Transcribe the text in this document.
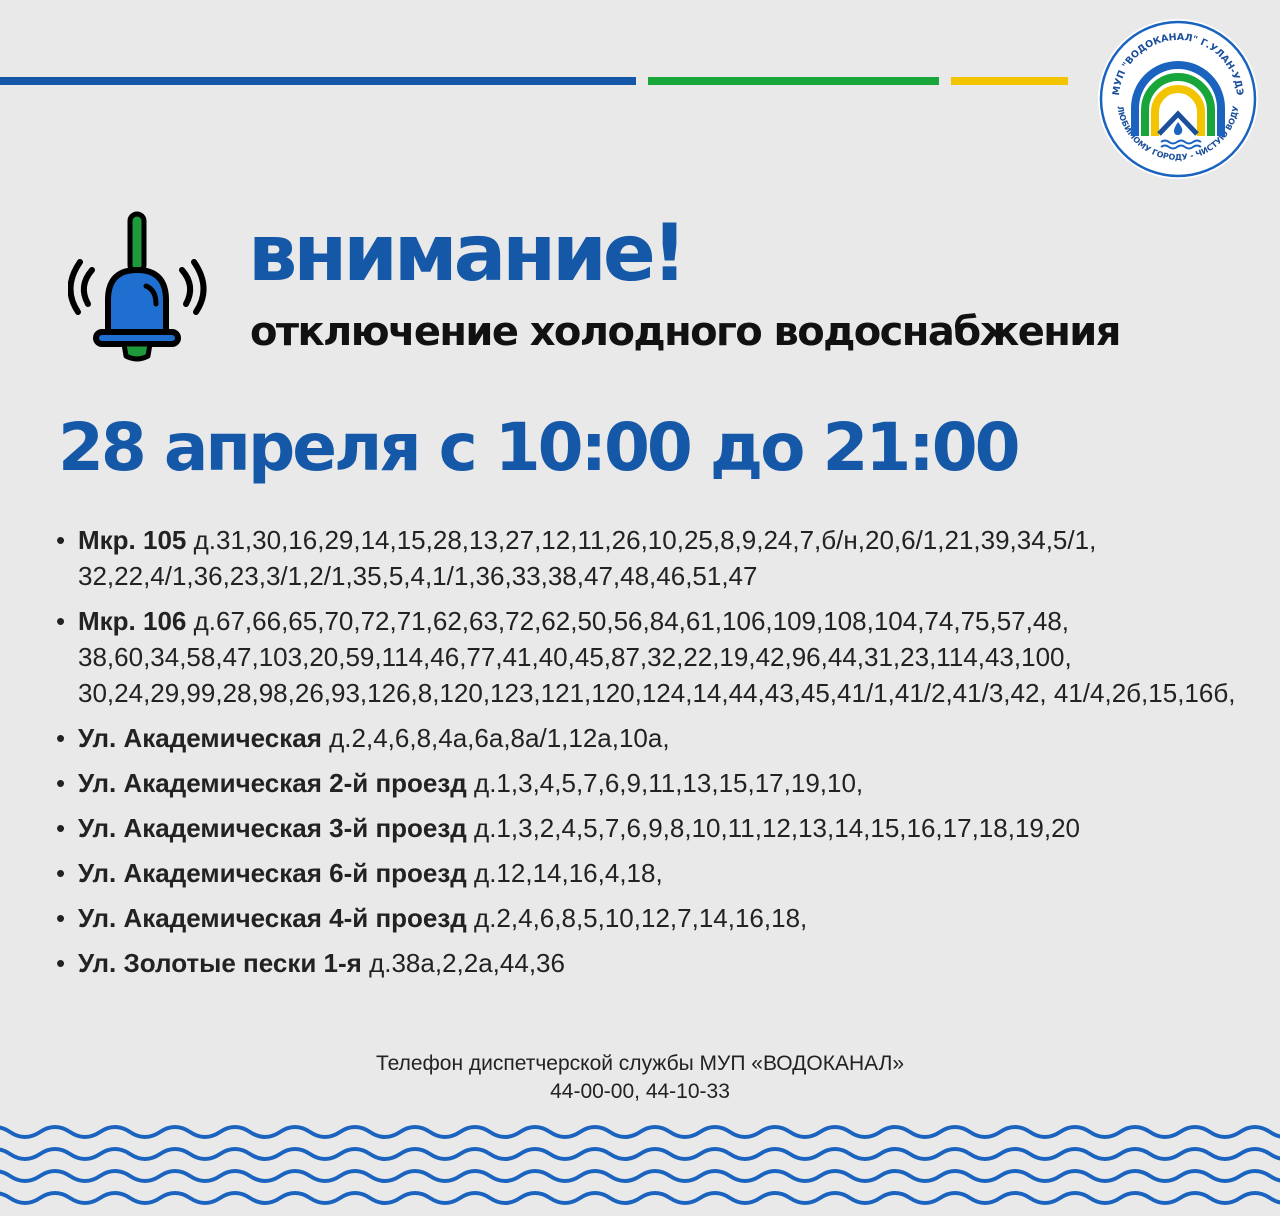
МУП "ВОДОКАНАЛ" Г.УЛАН-УДЭ
ЛЮБИМОМУ ГОРОДУ - ЧИСТУЮ ВОДУ
внимание!
отключение холодного водоснабжения
28 апреля с 10:00 до 21:00
• Мкр. 105 д.31,30,16,29,14,15,28,13,27,12,11,26,10,25,8,9,24,7,б/н,20,6/1,21,39,34,5/1, 32,22,4/1,36,23,3/1,2/1,35,5,4,1/1,36,33,38,47,48,46,51,47
• Мкр. 106 д.67,66,65,70,72,71,62,63,72,62,50,56,84,61,106,109,108,104,74,75,57,48, 38,60,34,58,47,103,20,59,114,46,77,41,40,45,87,32,22,19,42,96,44,31,23,114,43,100, 30,24,29,99,28,98,26,93,126,8,120,123,121,120,124,14,44,43,45,41/1,41/2,41/3,42, 41/4,2б,15,16б,
• Ул. Академическая д.2,4,6,8,4а,6а,8а/1,12а,10а,
• Ул. Академическая 2-й проезд д.1,3,4,5,7,6,9,11,13,15,17,19,10,
• Ул. Академическая 3-й проезд д.1,3,2,4,5,7,6,9,8,10,11,12,13,14,15,16,17,18,19,20
• Ул. Академическая 6-й проезд д.12,14,16,4,18,
• Ул. Академическая 4-й проезд д.2,4,6,8,5,10,12,7,14,16,18,
• Ул. Золотые пески 1-я д.38а,2,2а,44,36
Телефон диспетчерской службы МУП «ВОДОКАНАЛ»
44-00-00, 44-10-33
